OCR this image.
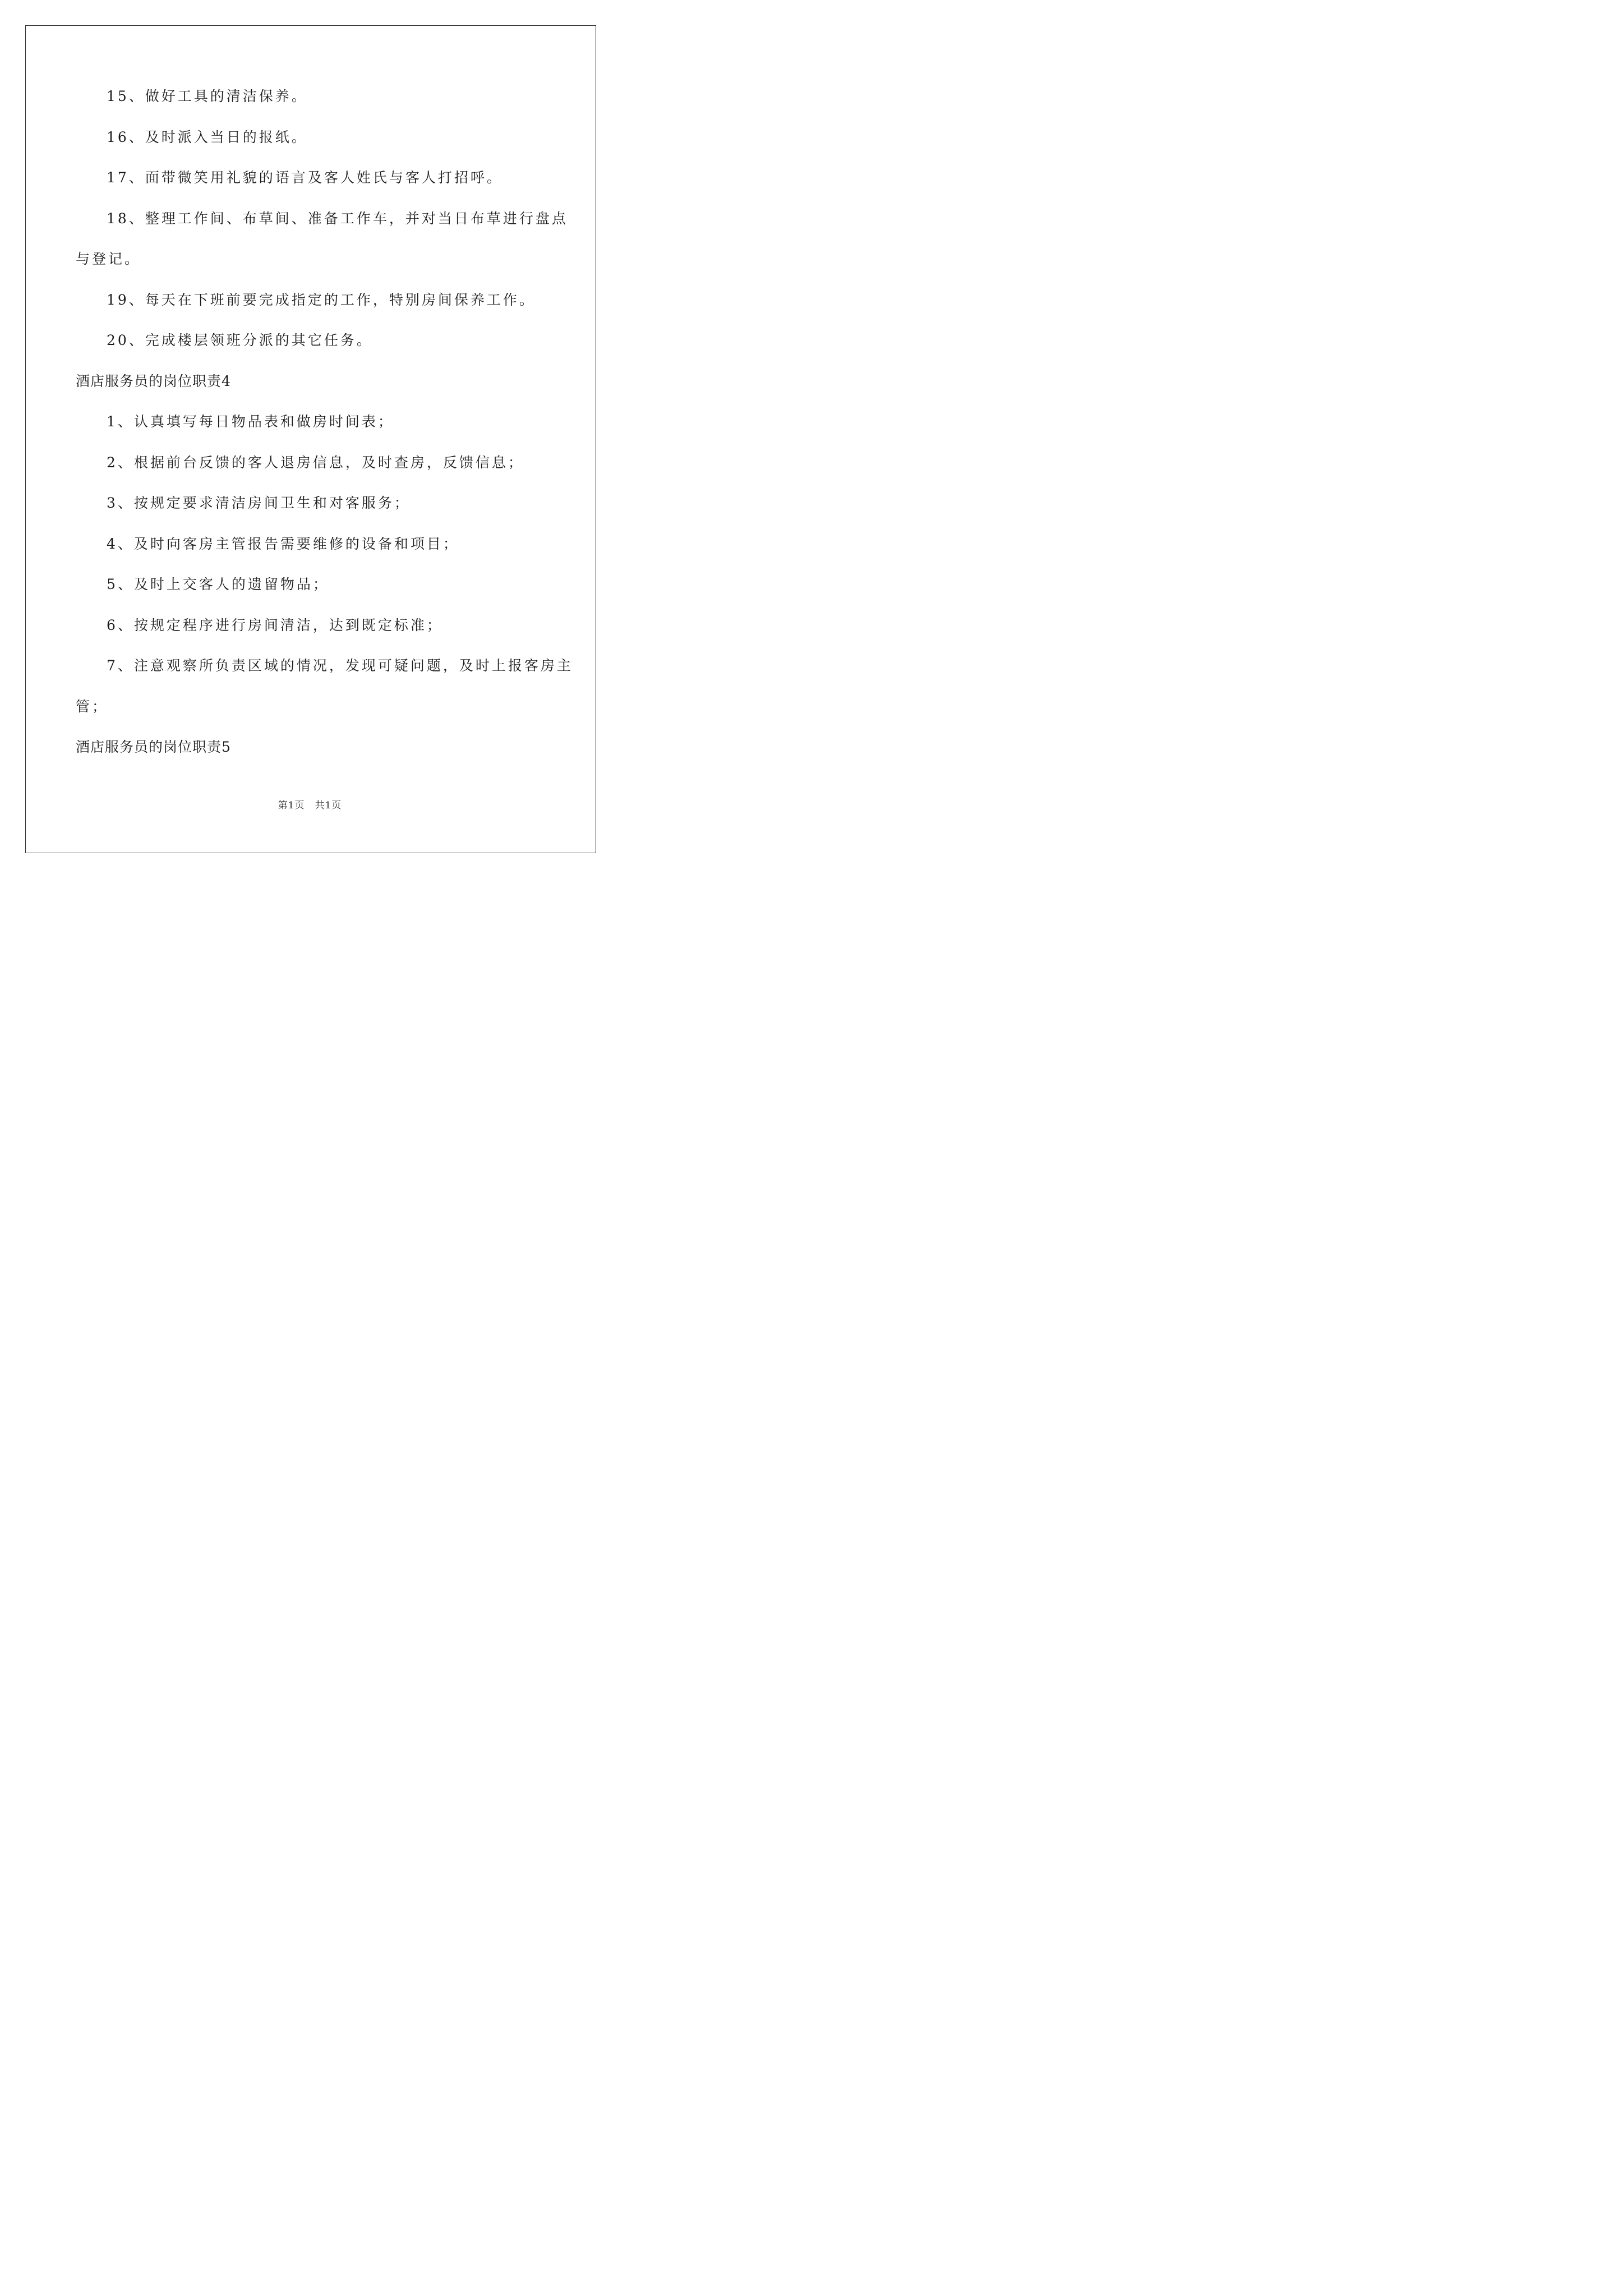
15、做好工具的清洁保养。
16、及时派入当日的报纸。
17、面带微笑用礼貌的语言及客人姓氏与客人打招呼。
18、整理工作间、布草间、准备工作车，并对当日布草进行盘点
与登记。
19、每天在下班前要完成指定的工作，特别房间保养工作。
20、完成楼层领班分派的其它任务。
酒店服务员的岗位职责4
1、认真填写每日物品表和做房时间表；
2、根据前台反馈的客人退房信息，及时查房，反馈信息；
3、按规定要求清洁房间卫生和对客服务；
4、及时向客房主管报告需要维修的设备和项目；
5、及时上交客人的遗留物品；
6、按规定程序进行房间清洁，达到既定标准；
7、注意观察所负责区域的情况，发现可疑问题，及时上报客房主
管；
酒店服务员的岗位职责5
第1页　共1页
